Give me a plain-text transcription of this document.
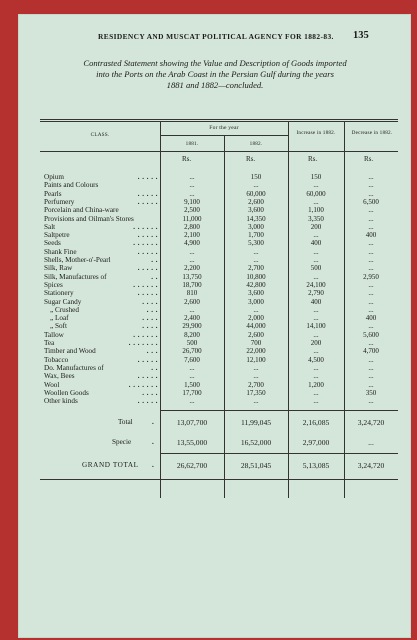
RESIDENCY AND MUSCAT POLITICAL AGENCY FOR 1882-83. 135
Contrasted Statement showing the Value and Description of Goods imported
into the Ports on the Arab Coast in the Persian Gulf during the years
1881 and 1882—concluded.
CLASS.
For the year
1881.	1882.
Increase in 1882.	Decrease in 1882.
Rs.	Rs.	Rs.	Rs.
Opium	. . . . .	...	150	150	...
Paints and Colours	...	...	...	...
Pearls	. . . . .	...	60,000	60,000	...
Perfumery	. . . . .	9,100	2,600	...	6,500
Porcelain and China-ware	2,500	3,600	1,100	...
Provisions and Oilman's Stores	11,000	14,350	3,350	...
Salt	. . . . . .	2,800	3,000	200	...
Saltpetre	. . . . .	2,100	1,700	...	400
Seeds	. . . . . .	4,900	5,300	400	...
Shank Fine	. . . . .	...	...	...	...
Shells, Mother-o'-Pearl	. .	...	...	...	...
Silk, Raw	. . . . .	2,200	2,700	500	...
Silk, Manufactures of	. .	13,750	10,800	...	2,950
Spices	. . . . . .	18,700	42,800	24,100	...
Stationery	. . . . .	810	3,600	2,790	...
Sugar Candy	. . . .	2,600	3,000	400	...
„ Crushed	. . .	...	...	...	...
„ Loaf	. . . .	2,400	2,000	...	400
„ Soft	. . . .	29,900	44,000	14,100	...
Tallow	. . . . . .	8,200	2,600	...	5,600
Tea	. . . . . . .	500	700	200	...
Timber and Wood	. . .	26,700	22,000	...	4,700
Tobacco	. . . . .	7,600	12,100	4,500	...
Do. Manufactures of	. .	...	...	...	...
Wax, Bees	. . . . .	...	...	...	...
Wool	. . . . . . .	1,500	2,700	1,200	...
Woollen Goods	. . . .	17,700	17,350	...	350
Other kinds	. . . . .	...	...	...	...
Total	.	13,07,700	11,99,045	2,16,085	3,24,720
Specie	.	13,55,000	16,52,000	2,97,000	...
GRAND TOTAL .	26,62,700	28,51,045	5,13,085	3,24,720
